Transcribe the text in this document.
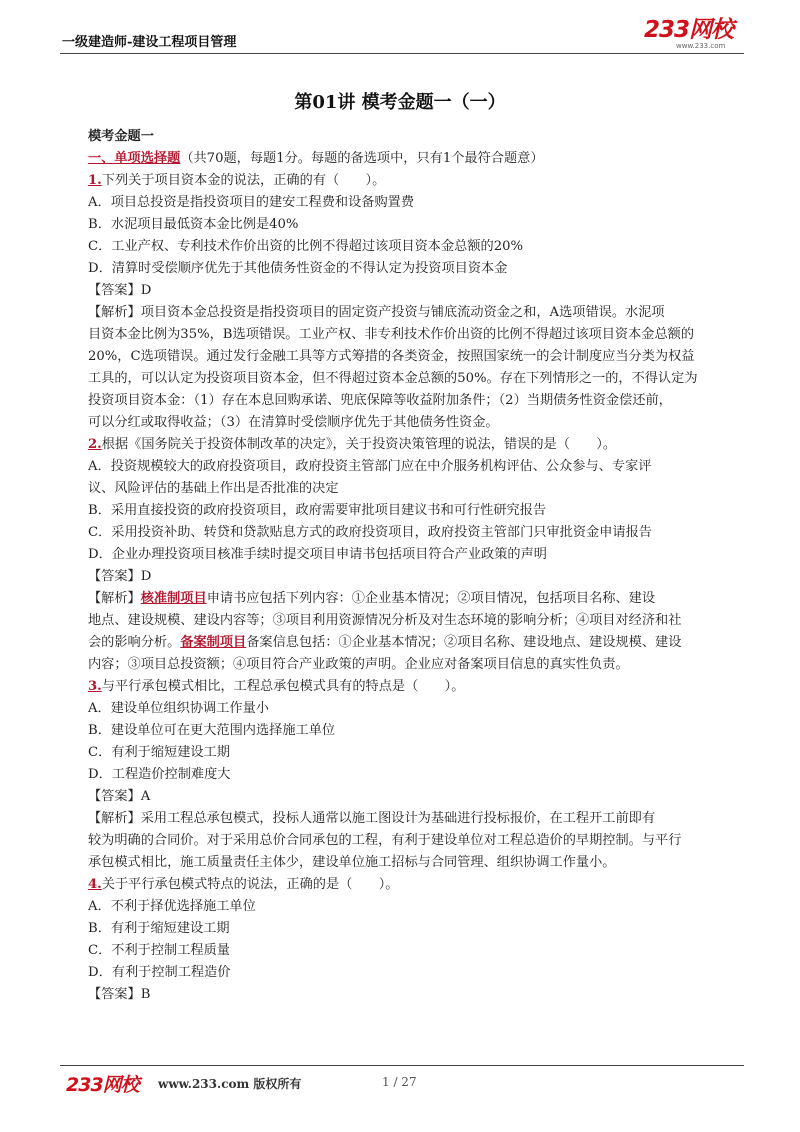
一级建造师-建设工程项目管理	233网校
www.233.com
第01讲 模考金题一（一）
模考金题一
一、单项选择题（共70题，每题1分。每题的备选项中，只有1个最符合题意）
1.下列关于项目资本金的说法，正确的有（　　）。
A．项目总投资是指投资项目的建安工程费和设备购置费
B．水泥项目最低资本金比例是40%
C．工业产权、专利技术作价出资的比例不得超过该项目资本金总额的20%
D．清算时受偿顺序优先于其他债务性资金的不得认定为投资项目资本金
【答案】D
【解析】项目资本金总投资是指投资项目的固定资产投资与铺底流动资金之和，A选项错误。水泥项
目资本金比例为35%，B选项错误。工业产权、非专利技术作价出资的比例不得超过该项目资本金总额的
20%，C选项错误。通过发行金融工具等方式筹措的各类资金，按照国家统一的会计制度应当分类为权益
工具的，可以认定为投资项目资本金，但不得超过资本金总额的50%。存在下列情形之一的，不得认定为
投资项目资本金：（1）存在本息回购承诺、兜底保障等收益附加条件；（2）当期债务性资金偿还前，
可以分红或取得收益；（3）在清算时受偿顺序优先于其他债务性资金。
2.根据《国务院关于投资体制改革的决定》，关于投资决策管理的说法，错误的是（　　）。
A．投资规模较大的政府投资项目，政府投资主管部门应在中介服务机构评估、公众参与、专家评
议、风险评估的基础上作出是否批准的决定
B．采用直接投资的政府投资项目，政府需要审批项目建议书和可行性研究报告
C．采用投资补助、转贷和贷款贴息方式的政府投资项目，政府投资主管部门只审批资金申请报告
D．企业办理投资项目核准手续时提交项目申请书包括项目符合产业政策的声明
【答案】D
【解析】核准制项目申请书应包括下列内容：①企业基本情况；②项目情况，包括项目名称、建设
地点、建设规模、建设内容等；③项目利用资源情况分析及对生态环境的影响分析；④项目对经济和社
会的影响分析。备案制项目备案信息包括：①企业基本情况；②项目名称、建设地点、建设规模、建设
内容；③项目总投资额；④项目符合产业政策的声明。企业应对备案项目信息的真实性负责。
3.与平行承包模式相比，工程总承包模式具有的特点是（　　）。
A．建设单位组织协调工作量小
B．建设单位可在更大范围内选择施工单位
C．有利于缩短建设工期
D．工程造价控制难度大
【答案】A
【解析】采用工程总承包模式，投标人通常以施工图设计为基础进行投标报价，在工程开工前即有
较为明确的合同价。对于采用总价合同承包的工程，有利于建设单位对工程总造价的早期控制。与平行
承包模式相比，施工质量责任主体少，建设单位施工招标与合同管理、组织协调工作量小。
4.关于平行承包模式特点的说法，正确的是（　　）。
A．不利于择优选择施工单位
B．有利于缩短建设工期
C．不利于控制工程质量
D．有利于控制工程造价
【答案】B
233网校 www.233.com 版权所有	1 / 27
